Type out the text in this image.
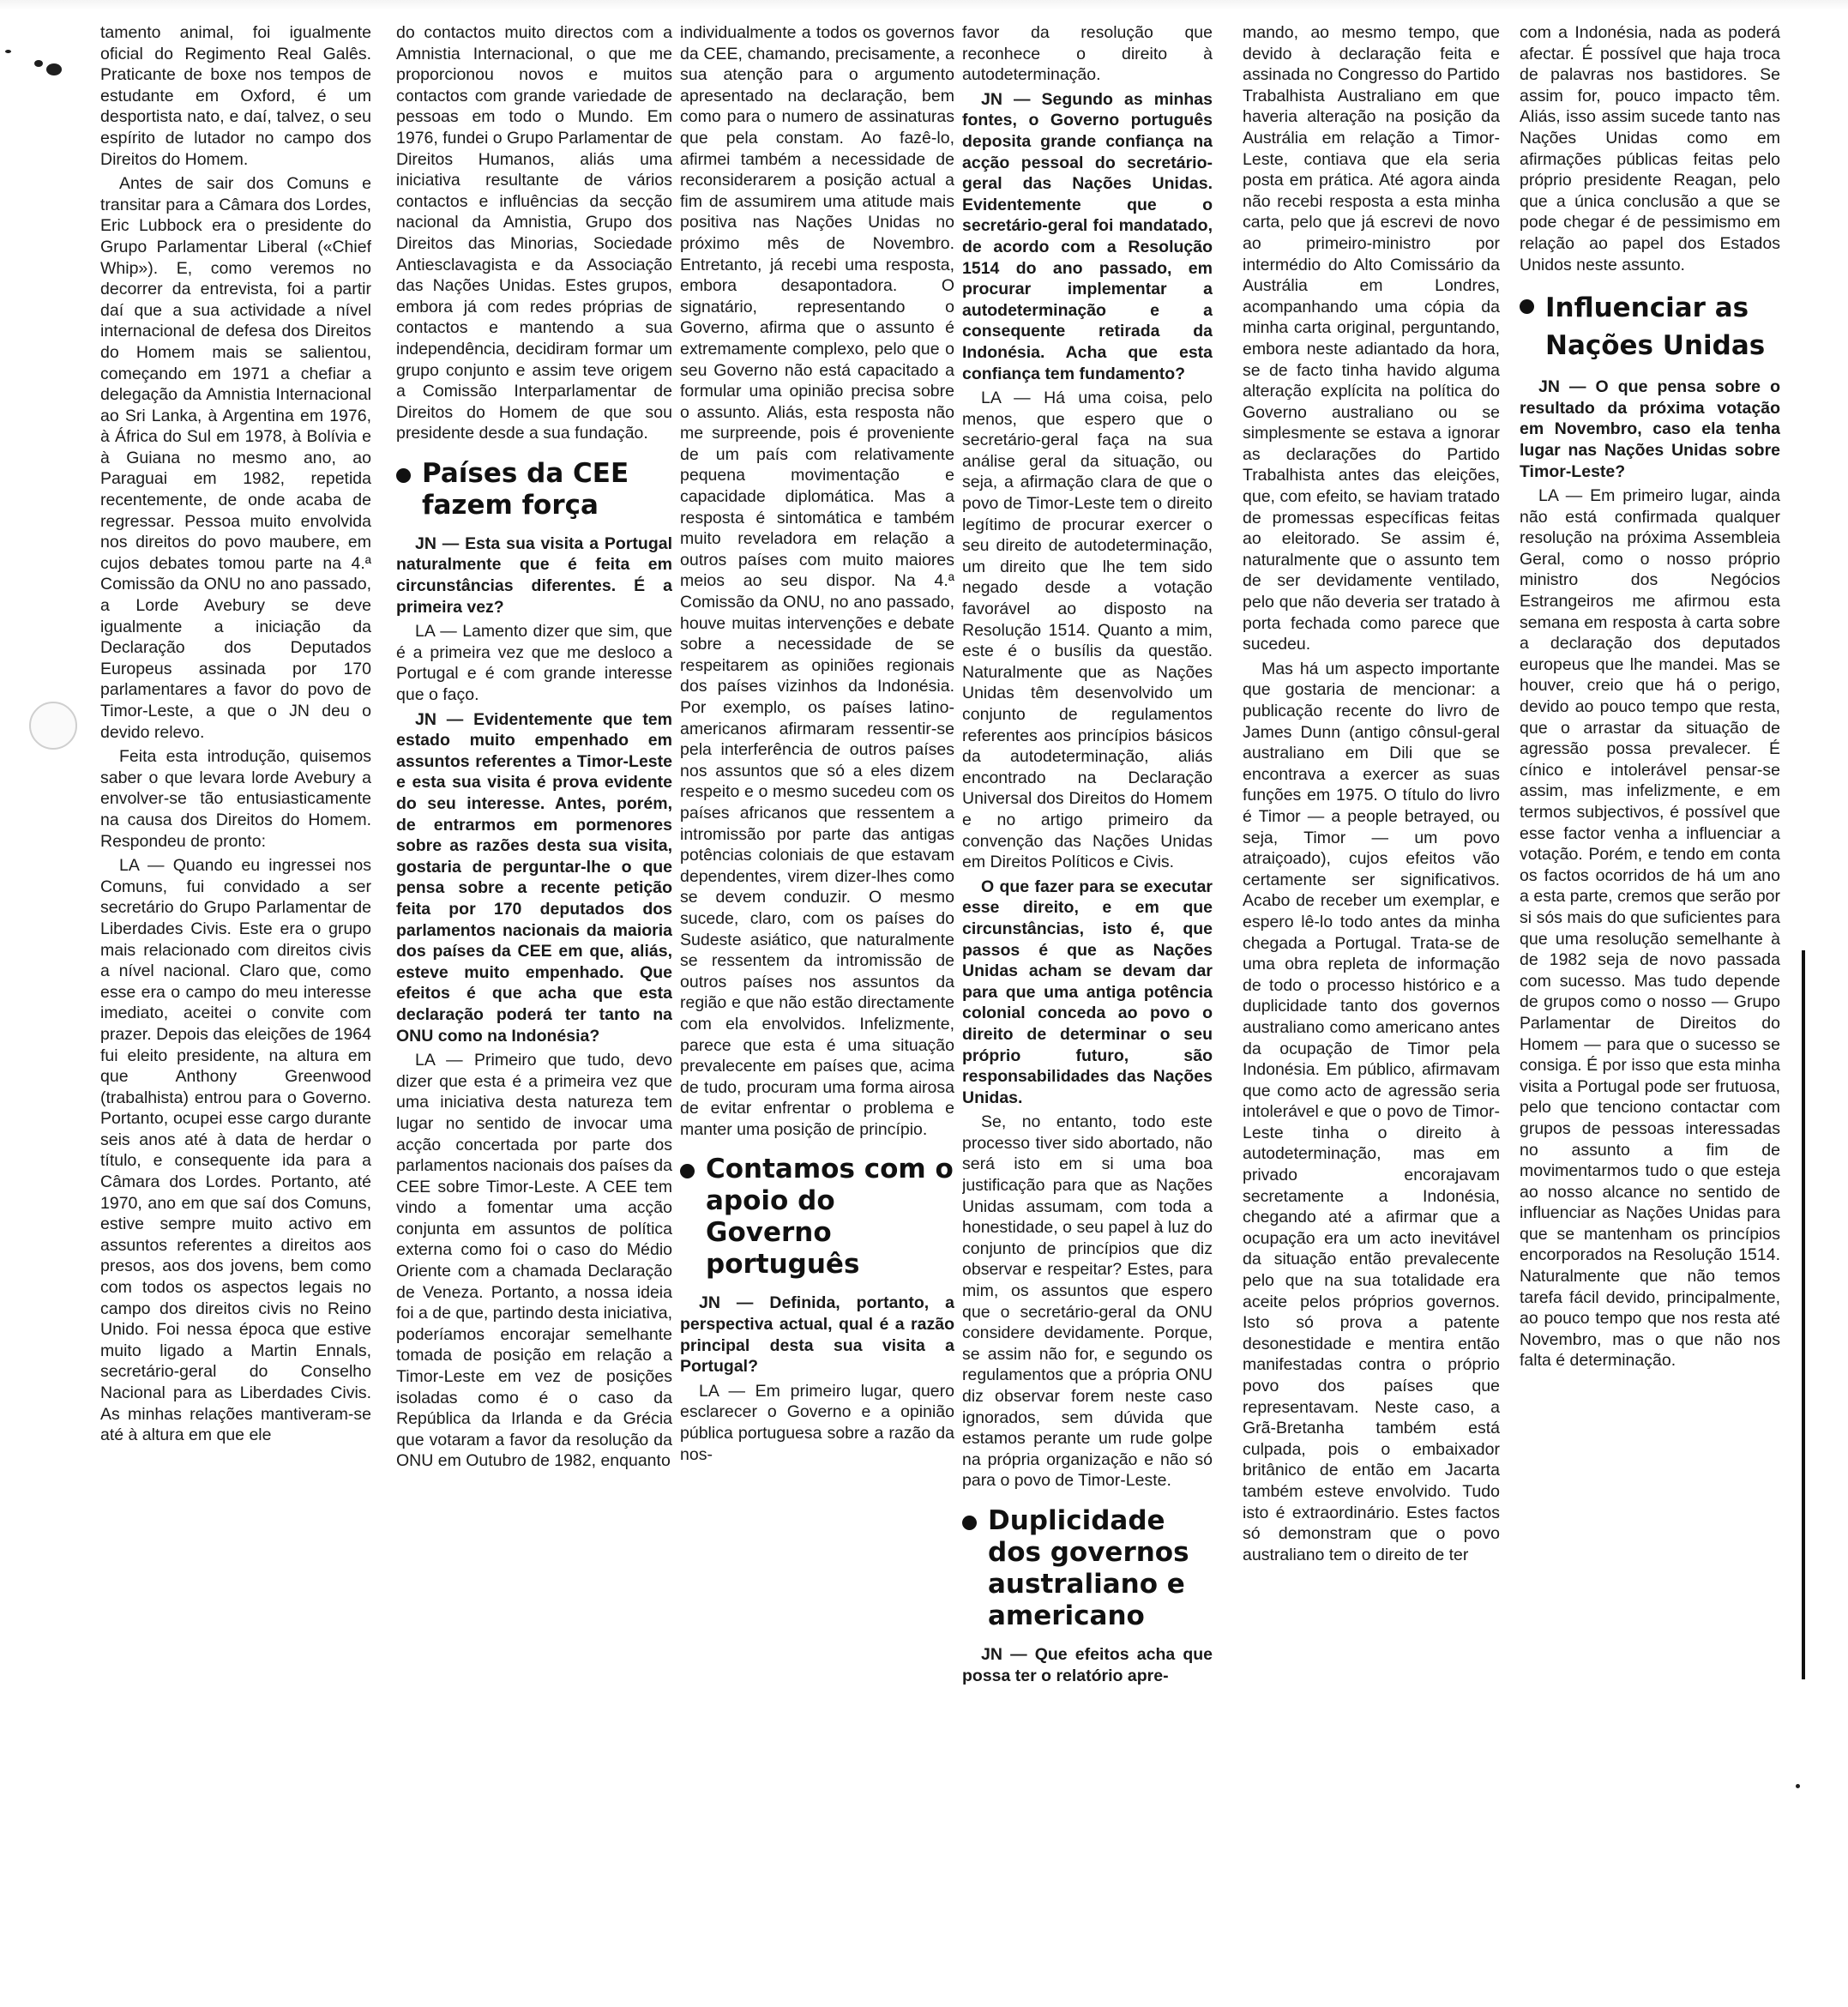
tamento animal, foi igualmente oficial do Regimento Real Galês. Praticante de boxe nos tempos de estudante em Oxford, é um desportista nato, e daí, talvez, o seu espírito de lutador no campo dos Direitos do Homem.

Antes de sair dos Comuns e transitar para a Câmara dos Lordes, Eric Lubbock era o presidente do Grupo Parlamentar Liberal («Chief Whip»). E, como veremos no decorrer da entrevista, foi a partir daí que a sua actividade a nível internacional de defesa dos Direitos do Homem mais se salientou, começando em 1971 a chefiar a delegação da Amnistia Internacional ao Sri Lanka, à Argentina em 1976, à África do Sul em 1978, à Bolívia e à Guiana no mesmo ano, ao Paraguai em 1982, repetida recentemente, de onde acaba de regressar. Pessoa muito envolvida nos direitos do povo maubere, em cujos debates tomou parte na 4.ª Comissão da ONU no ano passado, a Lorde Avebury se deve igualmente a iniciação da Declaração dos Deputados Europeus assinada por 170 parlamentares a favor do povo de Timor-Leste, a que o JN deu o devido relevo.

Feita esta introdução, quisemos saber o que levara lorde Avebury a envolver-se tão entusiasticamente na causa dos Direitos do Homem. Respondeu de pronto:

LA — Quando eu ingressei nos Comuns, fui convidado a ser secretário do Grupo Parlamentar de Liberdades Civis. Este era o grupo mais relacionado com direitos civis a nível nacional. Claro que, como esse era o campo do meu interesse imediato, aceitei o convite com prazer. Depois das eleições de 1964 fui eleito presidente, na altura em que Anthony Greenwood (trabalhista) entrou para o Governo. Portanto, ocupei esse cargo durante seis anos até à data de herdar o título, e consequente ida para a Câmara dos Lordes. Portanto, até 1970, ano em que saí dos Comuns, estive sempre muito activo em assuntos referentes a direitos aos presos, aos dos jovens, bem como com todos os aspectos legais no campo dos direitos civis no Reino Unido. Foi nessa época que estive muito ligado a Martin Ennals, secretário-geral do Conselho Nacional para as Liberdades Civis. As minhas relações mantiveram-se até à altura em que ele

do contactos muito directos com a Amnistia Internacional, o que me proporcionou novos e muitos contactos com grande variedade de pessoas em todo o Mundo. Em 1976, fundei o Grupo Parlamentar de Direitos Humanos, aliás uma iniciativa resultante de vários contactos e influências da secção nacional da Amnistia, Grupo dos Direitos das Minorias, Sociedade Antiesclavagista e da Associação das Nações Unidas. Estes grupos, embora já com redes próprias de contactos e mantendo a sua independência, decidiram formar um grupo conjunto e assim teve origem a Comissão Interparlamentar de Direitos do Homem de que sou presidente desde a sua fundação.

Países da CEE fazem força

JN — Esta sua visita a Portugal naturalmente que é feita em circunstâncias diferentes. É a primeira vez?

LA — Lamento dizer que sim, que é a primeira vez que me desloco a Portugal e é com grande interesse que o faço.

JN — Evidentemente que tem estado muito empenhado em assuntos referentes a Timor-Leste e esta sua visita é prova evidente do seu interesse. Antes, porém, de entrarmos em pormenores sobre as razões desta sua visita, gostaria de perguntar-lhe o que pensa sobre a recente petição feita por 170 deputados dos parlamentos nacionais da maioria dos países da CEE em que, aliás, esteve muito empenhado. Que efeitos é que acha que esta declaração poderá ter tanto na ONU como na Indonésia?

LA — Primeiro que tudo, devo dizer que esta é a primeira vez que uma iniciativa desta natureza tem lugar no sentido de invocar uma acção concertada por parte dos parlamentos nacionais dos países da CEE sobre Timor-Leste. A CEE tem vindo a fomentar uma acção conjunta em assuntos de política externa como foi o caso do Médio Oriente com a chamada Declaração de Veneza. Portanto, a nossa ideia foi a de que, partindo desta iniciativa, poderíamos encorajar semelhante tomada de posição em relação a Timor-Leste em vez de posições isoladas como é o caso da República da Irlanda e da Grécia que votaram a favor da resolução da ONU em Outubro de 1982, enquanto

individualmente a todos os governos da CEE, chamando, precisamente, a sua atenção para o argumento apresentado na declaração, bem como para o numero de assinaturas que pela constam. Ao fazê-lo, afirmei também a necessidade de reconsiderarem a posição actual a fim de assumirem uma atitude mais positiva nas Nações Unidas no próximo mês de Novembro. Entretanto, já recebi uma resposta, embora desapontadora. O signatário, representando o Governo, afirma que o assunto é extremamente complexo, pelo que o seu Governo não está capacitado a formular uma opinião precisa sobre o assunto. Aliás, esta resposta não me surpreende, pois é proveniente de um país com relativamente pequena movimentação e capacidade diplomática. Mas a resposta é sintomática e também muito reveladora em relação a outros países com muito maiores meios ao seu dispor. Na 4.ª Comissão da ONU, no ano passado, houve muitas intervenções e debate sobre a necessidade de se respeitarem as opiniões regionais dos países vizinhos da Indonésia. Por exemplo, os países latino-americanos afirmaram ressentir-se pela interferência de outros países nos assuntos que só a eles dizem respeito e o mesmo sucedeu com os países africanos que ressentem a intromissão por parte das antigas potências coloniais de que estavam dependentes, virem dizer-lhes como se devem conduzir. O mesmo sucede, claro, com os países do Sudeste asiático, que naturalmente se ressentem da intromissão de outros países nos assuntos da região e que não estão directamente com ela envolvidos. Infelizmente, parece que esta é uma situação prevalecente em países que, acima de tudo, procuram uma forma airosa de evitar enfrentar o problema e manter uma posição de princípio.

Contamos com o apoio do Governo português

JN — Definida, portanto, a perspectiva actual, qual é a razão principal desta sua visita a Portugal?

LA — Em primeiro lugar, quero esclarecer o Governo e a opinião pública portuguesa sobre a razão da nos-

favor da resolução que reconhece o direito à autodeterminação.

JN — Segundo as minhas fontes, o Governo português deposita grande confiança na acção pessoal do secretário-geral das Nações Unidas. Evidentemente que o secretário-geral foi mandatado, de acordo com a Resolução 1514 do ano passado, em procurar implementar a autodeterminação e a consequente retirada da Indonésia. Acha que esta confiança tem fundamento?

LA — Há uma coisa, pelo menos, que espero que o secretário-geral faça na sua análise geral da situação, ou seja, a afirmação clara de que o povo de Timor-Leste tem o direito legítimo de procurar exercer o seu direito de autodeterminação, um direito que lhe tem sido negado desde a votação favorável ao disposto na Resolução 1514. Quanto a mim, este é o busílis da questão. Naturalmente que as Nações Unidas têm desenvolvido um conjunto de regulamentos referentes aos princípios básicos da autodeterminação, aliás encontrado na Declaração Universal dos Direitos do Homem e no artigo primeiro da convenção das Nações Unidas em Direitos Políticos e Civis.

O que fazer para se executar esse direito, e em que circunstâncias, isto é, que passos é que as Nações Unidas acham se devam dar para que uma antiga potência colonial conceda ao povo o direito de determinar o seu próprio futuro, são responsabilidades das Nações Unidas.

Se, no entanto, todo este processo tiver sido abortado, não será isto em si uma boa justificação para que as Nações Unidas assumam, com toda a honestidade, o seu papel à luz do conjunto de princípios que diz observar e respeitar? Estes, para mim, os assuntos que espero que o secretário-geral da ONU considere devidamente. Porque, se assim não for, e segundo os regulamentos que a própria ONU diz observar forem neste caso ignorados, sem dúvida que estamos perante um rude golpe na própria organização e não só para o povo de Timor-Leste.

Duplicidade dos governos australiano e americano

JN — Que efeitos acha que possa ter o relatório apre-

mando, ao mesmo tempo, que devido à declaração feita e assinada no Congresso do Partido Trabalhista Australiano em que haveria alteração na posição da Austrália em relação a Timor-Leste, contiava que ela seria posta em prática. Até agora ainda não recebi resposta a esta minha carta, pelo que já escrevi de novo ao primeiro-ministro por intermédio do Alto Comissário da Austrália em Londres, acompanhando uma cópia da minha carta original, perguntando, embora neste adiantado da hora, se de facto tinha havido alguma alteração explícita na política do Governo australiano ou se simplesmente se estava a ignorar as declarações do Partido Trabalhista antes das eleições, que, com efeito, se haviam tratado de promessas específicas feitas ao eleitorado. Se assim é, naturalmente que o assunto tem de ser devidamente ventilado, pelo que não deveria ser tratado à porta fechada como parece que sucedeu.

Mas há um aspecto importante que gostaria de mencionar: a publicação recente do livro de James Dunn (antigo cônsul-geral australiano em Dili que se encontrava a exercer as suas funções em 1975. O título do livro é Timor — a people betrayed, ou seja, Timor — um povo atraiçoado), cujos efeitos vão certamente ser significativos. Acabo de receber um exemplar, e espero lê-lo todo antes da minha chegada a Portugal. Trata-se de uma obra repleta de informação de todo o processo histórico e a duplicidade tanto dos governos australiano como americano antes da ocupação de Timor pela Indonésia. Em público, afirmavam que como acto de agressão seria intolerável e que o povo de Timor-Leste tinha o direito à autodeterminação, mas em privado encorajavam secretamente a Indonésia, chegando até a afirmar que a ocupação era um acto inevitável da situação então prevalecente pelo que na sua totalidade era aceite pelos próprios governos. Isto só prova a patente desonestidade e mentira então manifestadas contra o próprio povo dos países que representavam. Neste caso, a Grã-Bretanha também está culpada, pois o embaixador britânico de então em Jacarta também esteve envolvido. Tudo isto é extraordinário. Estes factos só demonstram que o povo australiano tem o direito de ter

com a Indonésia, nada as poderá afectar. É possível que haja troca de palavras nos bastidores. Se assim for, pouco impacto têm. Aliás, isso assim sucede tanto nas Nações Unidas como em afirmações públicas feitas pelo próprio presidente Reagan, pelo que a única conclusão a que se pode chegar é de pessimismo em relação ao papel dos Estados Unidos neste assunto.

Influenciar as Nações Unidas

JN — O que pensa sobre o resultado da próxima votação em Novembro, caso ela tenha lugar nas Nações Unidas sobre Timor-Leste?

LA — Em primeiro lugar, ainda não está confirmada qualquer resolução na próxima Assembleia Geral, como o nosso próprio ministro dos Negócios Estrangeiros me afirmou esta semana em resposta à carta sobre a declaração dos deputados europeus que lhe mandei. Mas se houver, creio que há o perigo, devido ao pouco tempo que resta, que o arrastar da situação de agressão possa prevalecer. É cínico e intolerável pensar-se assim, mas infelizmente, e em termos subjectivos, é possível que esse factor venha a influenciar a votação. Porém, e tendo em conta os factos ocorridos de há um ano a esta parte, cremos que serão por si sós mais do que suficientes para que uma resolução semelhante à de 1982 seja de novo passada com sucesso. Mas tudo depende de grupos como o nosso — Grupo Parlamentar de Direitos do Homem — para que o sucesso se consiga. É por isso que esta minha visita a Portugal pode ser frutuosa, pelo que tenciono contactar com grupos de pessoas interessadas no assunto a fim de movimentarmos tudo o que esteja ao nosso alcance no sentido de influenciar as Nações Unidas para que se mantenham os princípios encorporados na Resolução 1514. Naturalmente que não temos tarefa fácil devido, principalmente, ao pouco tempo que nos resta até Novembro, mas o que não nos falta é determinação.
